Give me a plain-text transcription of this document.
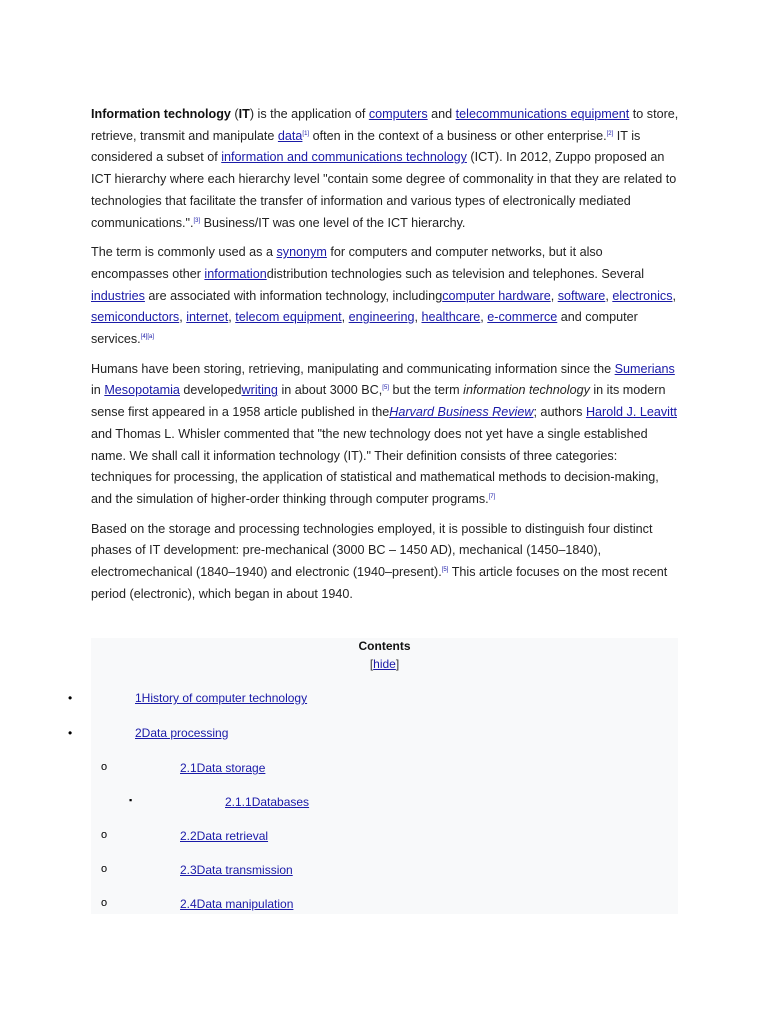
Information technology (IT) is the application of computers and telecommunications equipment to store, retrieve, transmit and manipulate data[1] often in the context of a business or other enterprise.[2] IT is considered a subset of information and communications technology (ICT). In 2012, Zuppo proposed an ICT hierarchy where each hierarchy level "contain some degree of commonality in that they are related to technologies that facilitate the transfer of information and various types of electronically mediated communications.".[3] Business/IT was one level of the ICT hierarchy.

The term is commonly used as a synonym for computers and computer networks, but it also encompasses other informationdistribution technologies such as television and telephones. Several industries are associated with information technology, includingcomputer hardware, software, electronics, semiconductors, internet, telecom equipment, engineering, healthcare, e-commerce and computer services.[4][a]

Humans have been storing, retrieving, manipulating and communicating information since the Sumerians in Mesopotamia developedwriting in about 3000 BC,[5] but the term information technology in its modern sense first appeared in a 1958 article published in theHarvard Business Review; authors Harold J. Leavitt and Thomas L. Whisler commented that "the new technology does not yet have a single established name. We shall call it information technology (IT)." Their definition consists of three categories: techniques for processing, the application of statistical and mathematical methods to decision-making, and the simulation of higher-order thinking through computer programs.[7]

Based on the storage and processing technologies employed, it is possible to distinguish four distinct phases of IT development: pre-mechanical (3000 BC – 1450 AD), mechanical (1450–1840), electromechanical (1840–1940) and electronic (1940–present).[5] This article focuses on the most recent period (electronic), which began in about 1940.

Contents
[hide]
•	1History of computer technology
•	2Data processing
o	2.1Data storage
▪	2.1.1Databases
o	2.2Data retrieval
o	2.3Data transmission
o	2.4Data manipulation
